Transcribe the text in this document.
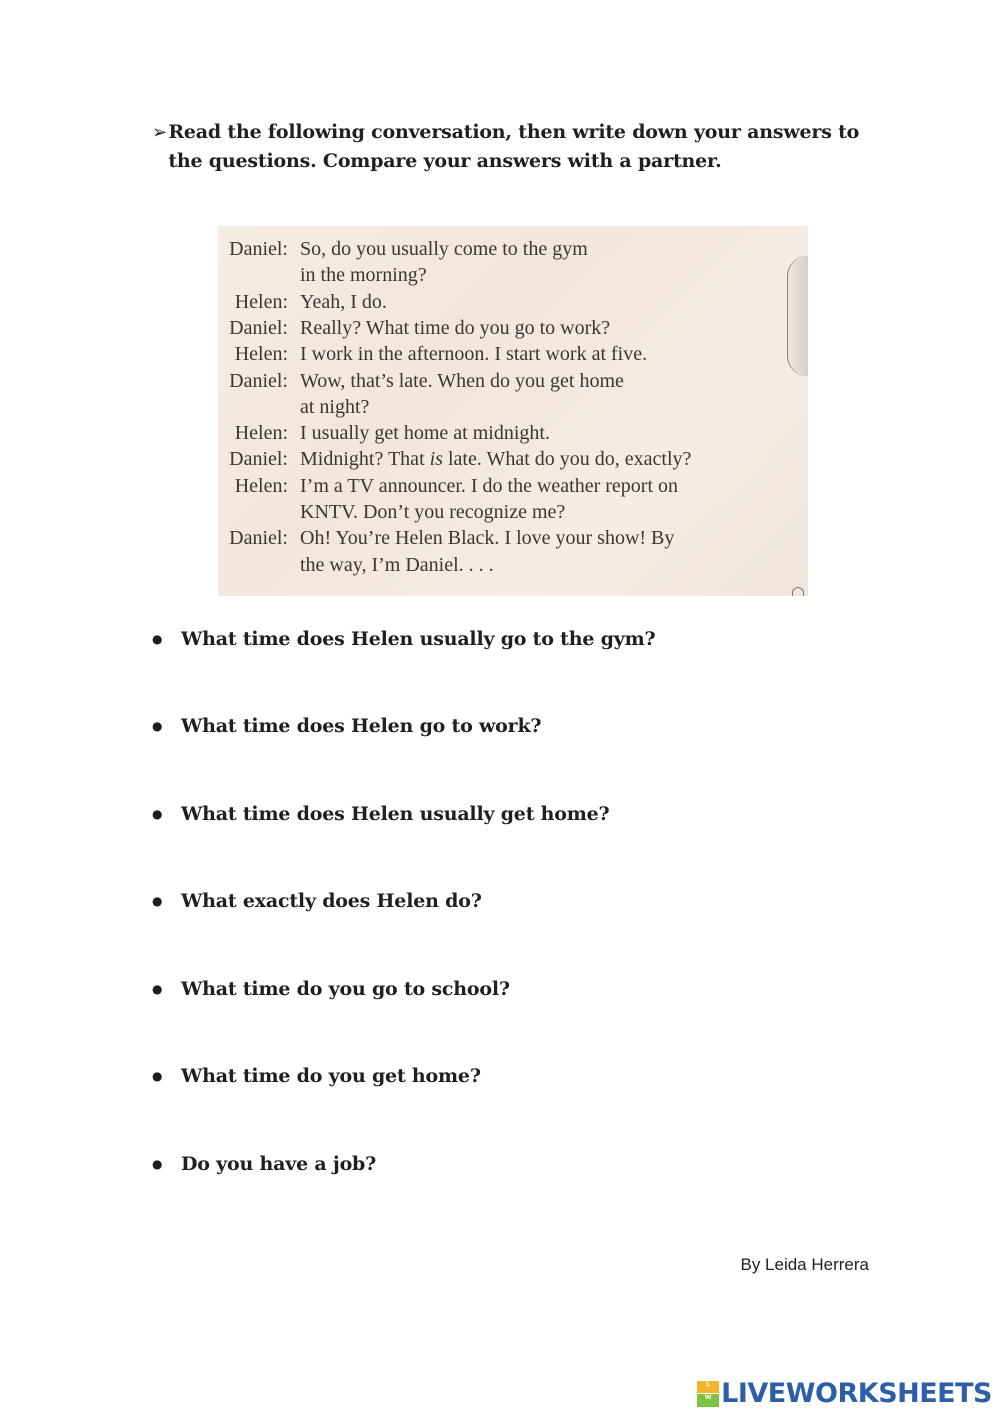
➢ Read the following conversation, then write down your answers to the questions. Compare your answers with a partner.
Daniel: So, do you usually come to the gym
in the morning?
Helen: Yeah, I do.
Daniel: Really? What time do you go to work?
Helen: I work in the afternoon. I start work at five.
Daniel: Wow, that’s late. When do you get home
at night?
Helen: I usually get home at midnight.
Daniel: Midnight? That is late. What do you do, exactly?
Helen: I’m a TV announcer. I do the weather report on
KNTV. Don’t you recognize me?
Daniel: Oh! You’re Helen Black. I love your show! By
the way, I’m Daniel. . . .
● What time does Helen usually go to the gym?
● What time does Helen go to work?
● What time does Helen usually get home?
● What exactly does Helen do?
● What time do you go to school?
● What time do you get home?
● Do you have a job?
By Leida Herrera
L
W LIVEWORKSHEETS
